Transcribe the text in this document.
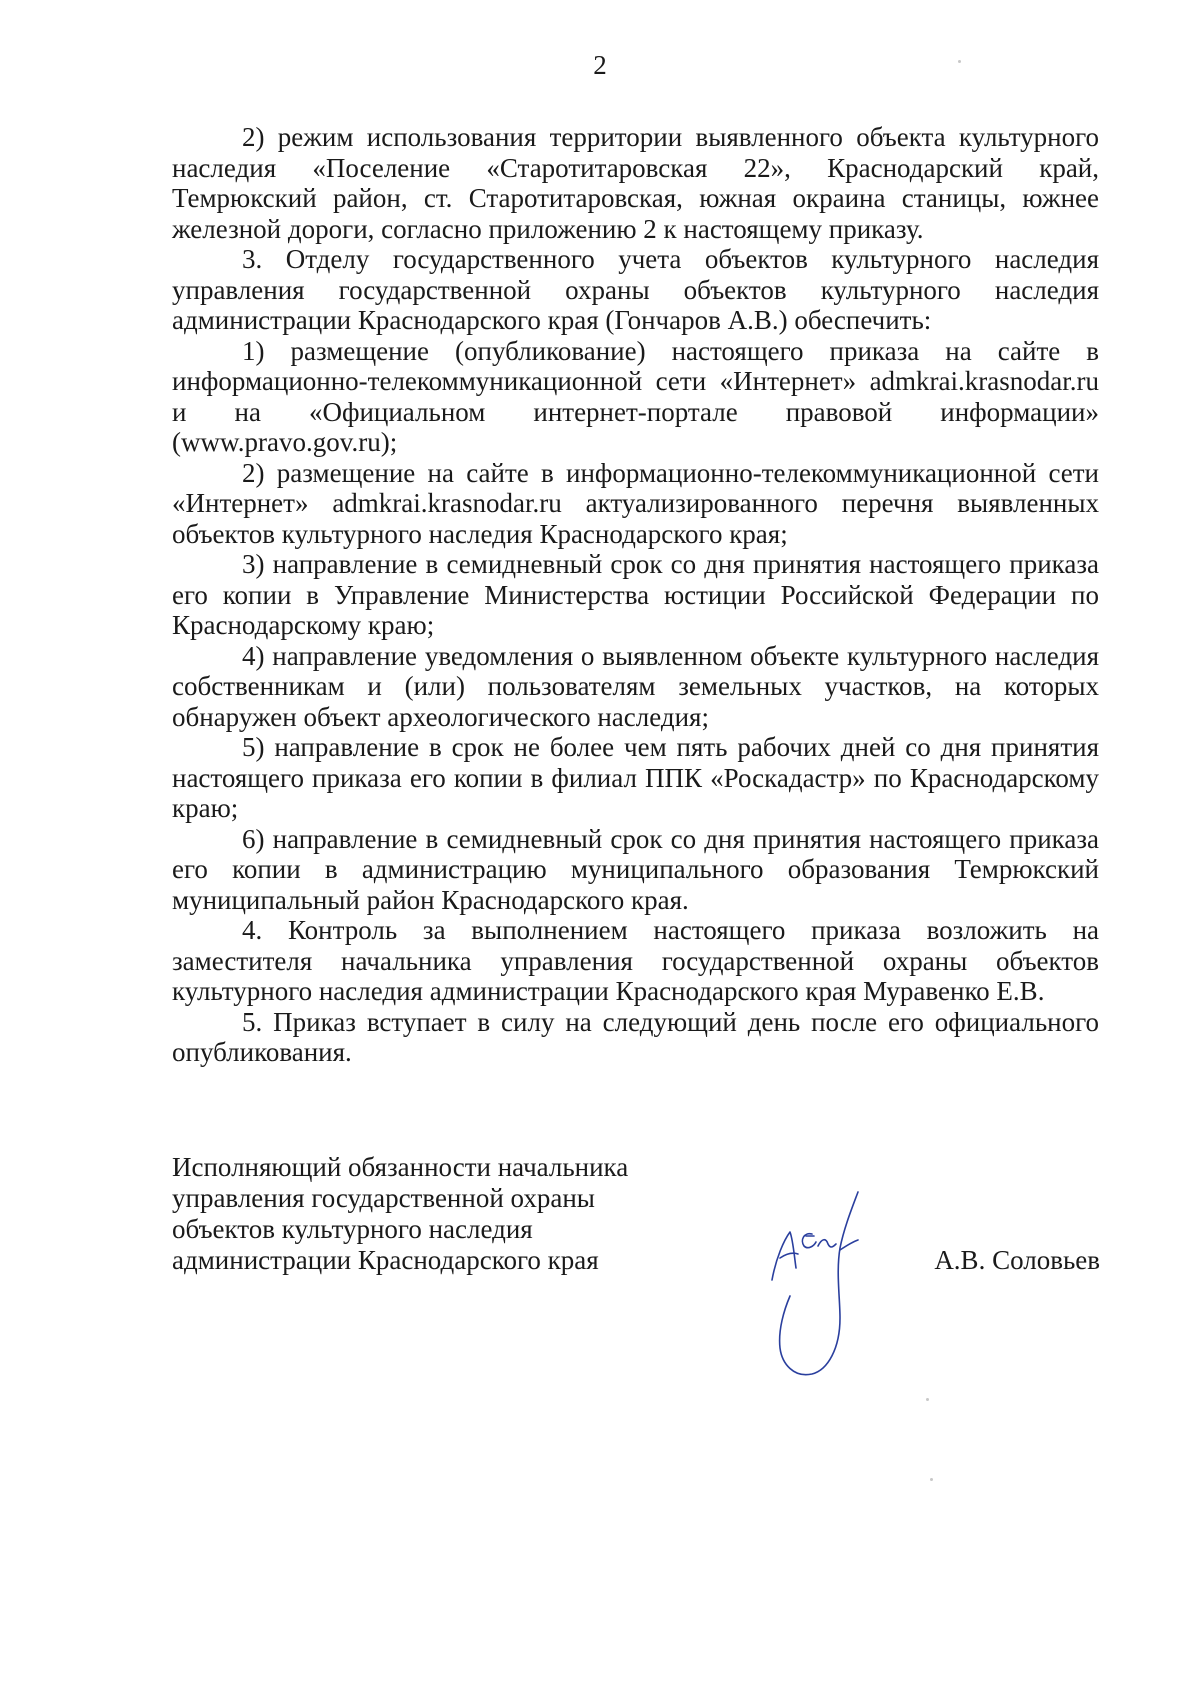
2

2) режим использования территории выявленного объекта культурного наследия «Поселение «Старотитаровская 22», Краснодарский край, Темрюкский район, ст. Старотитаровская, южная окраина станицы, южнее железной дороги, согласно приложению 2 к настоящему приказу.

3. Отделу государственного учета объектов культурного наследия управления государственной охраны объектов культурного наследия администрации Краснодарского края (Гончаров А.В.) обеспечить:

1) размещение (опубликование) настоящего приказа на сайте в информационно-телекоммуникационной сети «Интернет» admkrai.krasnodar.ru и на «Официальном интернет-портале правовой информации» (www.pravo.gov.ru);

2) размещение на сайте в информационно-телекоммуникационной сети «Интернет» admkrai.krasnodar.ru актуализированного перечня выявленных объектов культурного наследия Краснодарского края;

3) направление в семидневный срок со дня принятия настоящего приказа его копии в Управление Министерства юстиции Российской Федерации по Краснодарскому краю;

4) направление уведомления о выявленном объекте культурного наследия собственникам и (или) пользователям земельных участков, на которых обнаружен объект археологического наследия;

5) направление в срок не более чем пять рабочих дней со дня принятия настоящего приказа его копии в филиал ППК «Роскадастр» по Краснодарскому краю;

6) направление в семидневный срок со дня принятия настоящего приказа его копии в администрацию муниципального образования Темрюкский муниципальный район Краснодарского края.

4. Контроль за выполнением настоящего приказа возложить на заместителя начальника управления государственной охраны объектов культурного наследия администрации Краснодарского края Муравенко Е.В.

5. Приказ вступает в силу на следующий день после его официального опубликования.

Исполняющий обязанности начальника
управления государственной охраны
объектов культурного наследия
администрации Краснодарского края	А.В. Соловьев
